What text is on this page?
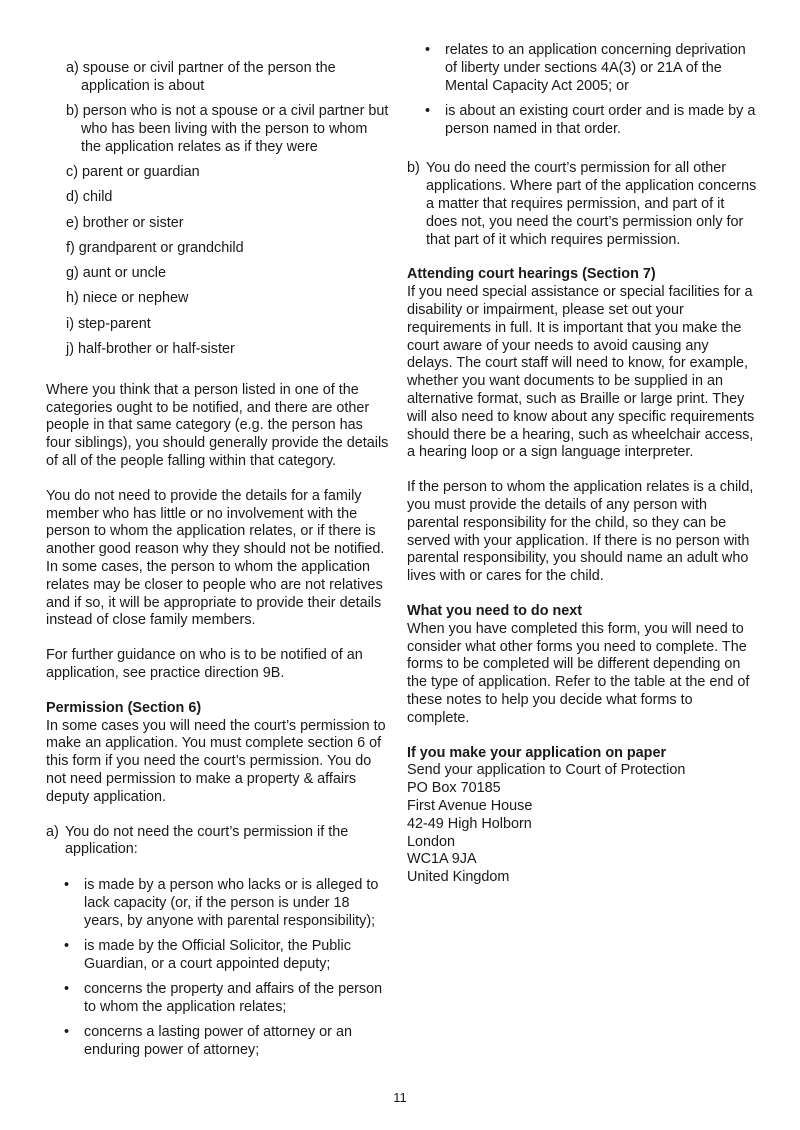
a) spouse or civil partner of the person the application is about
b) person who is not a spouse or a civil partner but who has been living with the person to whom the application relates as if they were
c) parent or guardian
d) child
e) brother or sister
f) grandparent or grandchild
g) aunt or uncle
h) niece or nephew
i) step-parent
j) half-brother or half-sister

Where you think that a person listed in one of the categories ought to be notified, and there are other people in that same category (e.g. the person has four siblings), you should generally provide the details of all of the people falling within that category.

You do not need to provide the details for a family member who has little or no involvement with the person to whom the application relates, or if there is another good reason why they should not be notified. In some cases, the person to whom the application relates may be closer to people who are not relatives and if so, it will be appropriate to provide their details instead of close family members.

For further guidance on who is to be notified of an application, see practice direction 9B.

Permission (Section 6)

In some cases you will need the court’s permission to make an application. You must complete section 6 of this form if you need the court’s permission. You do not need permission to make a property & affairs deputy application.

a) You do not need the court’s permission if the application:
•	is made by a person who lacks or is alleged to lack capacity (or, if the person is under 18 years, by anyone with parental responsibility);
•	is made by the Official Solicitor, the Public Guardian, or a court appointed deputy;
•	concerns the property and affairs of the person to whom the application relates;
•	concerns a lasting power of attorney or an enduring power of attorney;
•	relates to an application concerning deprivation of liberty under sections 4A(3) or 21A of the Mental Capacity Act 2005; or
•	is about an existing court order and is made by a person named in that order.
b) You do need the court’s permission for all other applications. Where part of the application concerns a matter that requires permission, and part of it does not, you need the court’s permission only for that part of it which requires permission.

Attending court hearings (Section 7)

If you need special assistance or special facilities for a disability or impairment, please set out your requirements in full. It is important that you make the court aware of your needs to avoid causing any delays. The court staff will need to know, for example, whether you want documents to be supplied in an alternative format, such as Braille or large print. They will also need to know about any specific requirements should there be a hearing, such as wheelchair access, a hearing loop or a sign language interpreter.

If the person to whom the application relates is a child, you must provide the details of any person with parental responsibility for the child, so they can be served with your application. If there is no person with parental responsibility, you should name an adult who lives with or cares for the child.

What you need to do next

When you have completed this form, you will need to consider what other forms you need to complete. The forms to be completed will be different depending on the type of application. Refer to the table at the end of these notes to help you decide what forms to complete.

If you make your application on paper

Send your application to Court of Protection
PO Box 70185
First Avenue House
42-49 High Holborn
London
WC1A 9JA
United Kingdom
11
